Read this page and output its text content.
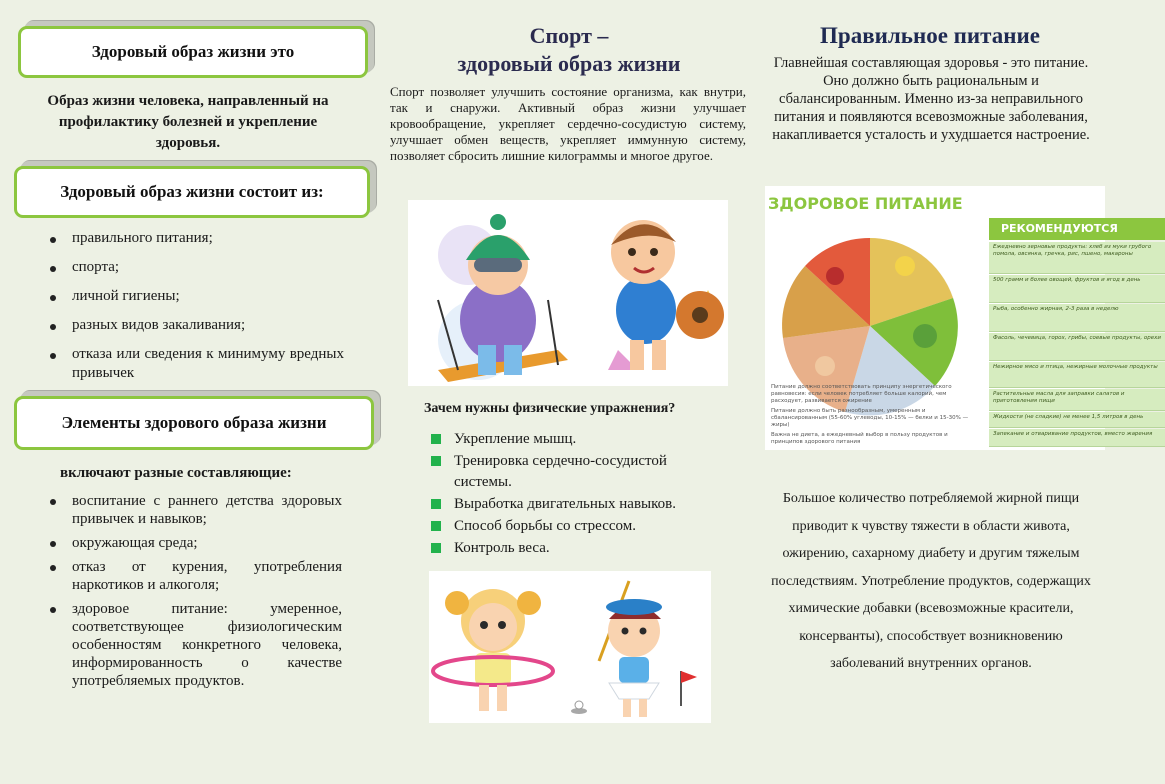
Здоровый образ жизни это
Образ жизни человека, направленный на профилактику болезней и укрепление здоровья.
Здоровый образ жизни состоит из:
правильного питания;
спорта;
личной гигиены;
разных видов закаливания;
отказа или сведения к минимуму вредных привычек
Элементы здорового образа жизни
включают разные составляющие:
воспитание с раннего детства здоровых привычек и навыков;
окружающая среда;
отказ от курения, употребления наркотиков и алкоголя;
здоровое питание: умеренное, соответствующее физиологическим особенностям конкретного человека, информированность о качестве употребляемых продуктов.
Спорт –
здоровый образ жизни
Спорт позволяет улучшить состояние организма, как внутри, так и снаружи. Активный образ жизни улучшает кровообращение, укрепляет сердечно-сосудистую систему, улучшает обмен веществ, укрепляет иммунную систему, позволяет сбросить лишние килограммы и многое другое.
Зачем нужны физические упражнения?
Укрепление мышц.
Тренировка сердечно-сосудистой системы.
Выработка двигательных навыков.
Способ борьбы со стрессом.
Контроль веса.
Правильное питание
Главнейшая составляющая здоровья - это питание. Оно должно быть рациональным и сбалансированным. Именно из-за неправильного питания и появляются всевозможные заболевания, накапливается усталость и ухудшается настроение.
ЗДОРОВОЕ ПИТАНИЕ
РЕКОМЕНДУЮТСЯ
Ежедневно зерновые продукты: хлеб из муки грубого помола, овсянка, гречка, рис, пшено, макароны
500 грамм и более овощей, фруктов и ягод в день
Рыба, особенно жирная, 2-3 раза в неделю
Фасоль, чечевица, горох, грибы, соевые продукты, орехи
Нежирное мясо и птица, нежирные молочные продукты
Растительные масла для заправки салатов и приготовления пищи
Жидкости (не сладкие) не менее 1,5 литров в день
Запекание и отваривание продуктов, вместо жарения
Питание должно соответствовать принципу энергетического равновесия: если человек потребляет больше калорий, чем расходует, развивается ожирение
Питание должно быть разнообразным, умеренным и сбалансированным (55-60% углеводы, 10-15% — белки и 15-30% — жиры)
Важна не диета, а ежедневный выбор в пользу продуктов и принципов здорового питания
Большое количество потребляемой жирной пищи приводит к чувству тяжести в области живота, ожирению, сахарному диабету и другим тяжелым последствиям. Употребление продуктов, содержащих химические добавки (всевозможные красители, консерванты), способствует возникновению заболеваний внутренних органов.
